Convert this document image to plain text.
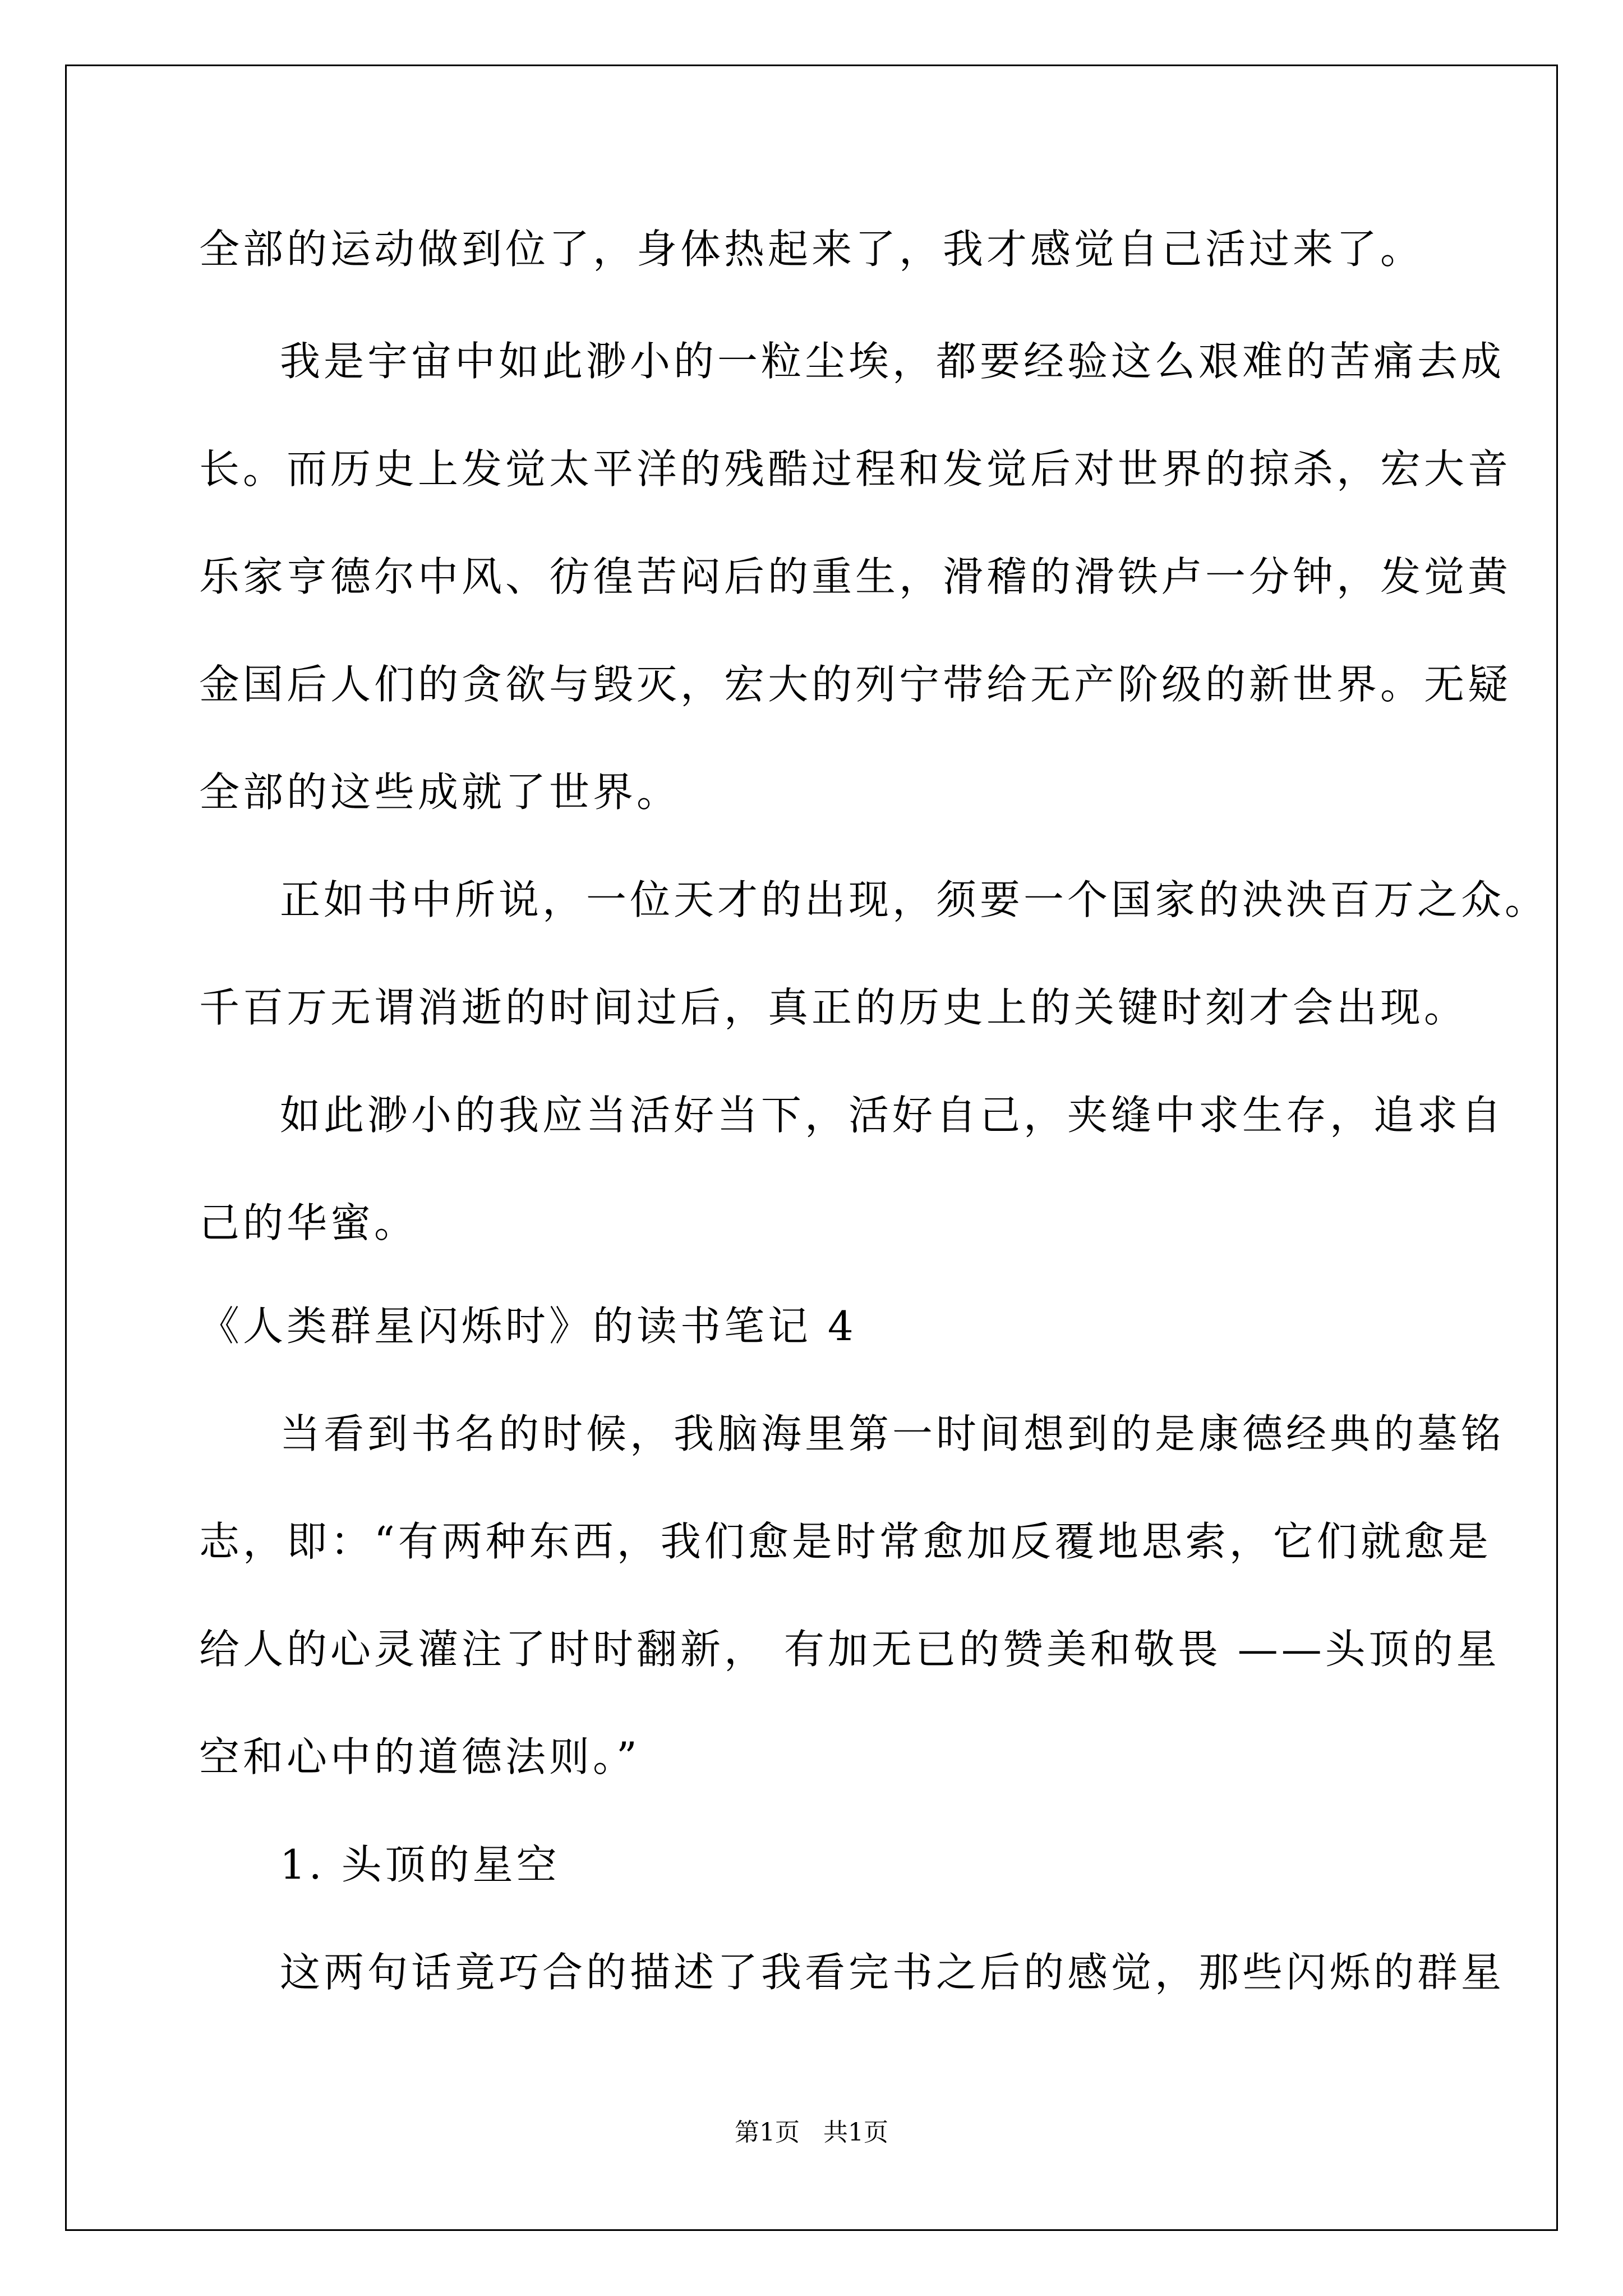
全部的运动做到位了，身体热起来了，我才感觉自己活过来了。
我是宇宙中如此渺小的一粒尘埃，都要经验这么艰难的苦痛去成
长。而历史上发觉太平洋的残酷过程和发觉后对世界的掠杀，宏大音
乐家亨德尔中风、彷徨苦闷后的重生，滑稽的滑铁卢一分钟，发觉黄
金国后人们的贪欲与毁灭，宏大的列宁带给无产阶级的新世界。无疑
全部的这些成就了世界。
正如书中所说，一位天才的出现，须要一个国家的泱泱百万之众。
千百万无谓消逝的时间过后，真正的历史上的关键时刻才会出现。
如此渺小的我应当活好当下，活好自己，夹缝中求生存，追求自
己的华蜜。
《人类群星闪烁时》的读书笔记 4
当看到书名的时候，我脑海里第一时间想到的是康德经典的墓铭
志，即：“有两种东西，我们愈是时常愈加反覆地思索，它们就愈是
给人的心灵灌注了时时翻新， 有加无已的赞美和敬畏 ——头顶的星
空和心中的道德法则。”
1. 头顶的星空
这两句话竟巧合的描述了我看完书之后的感觉，那些闪烁的群星
第1页   共1页
